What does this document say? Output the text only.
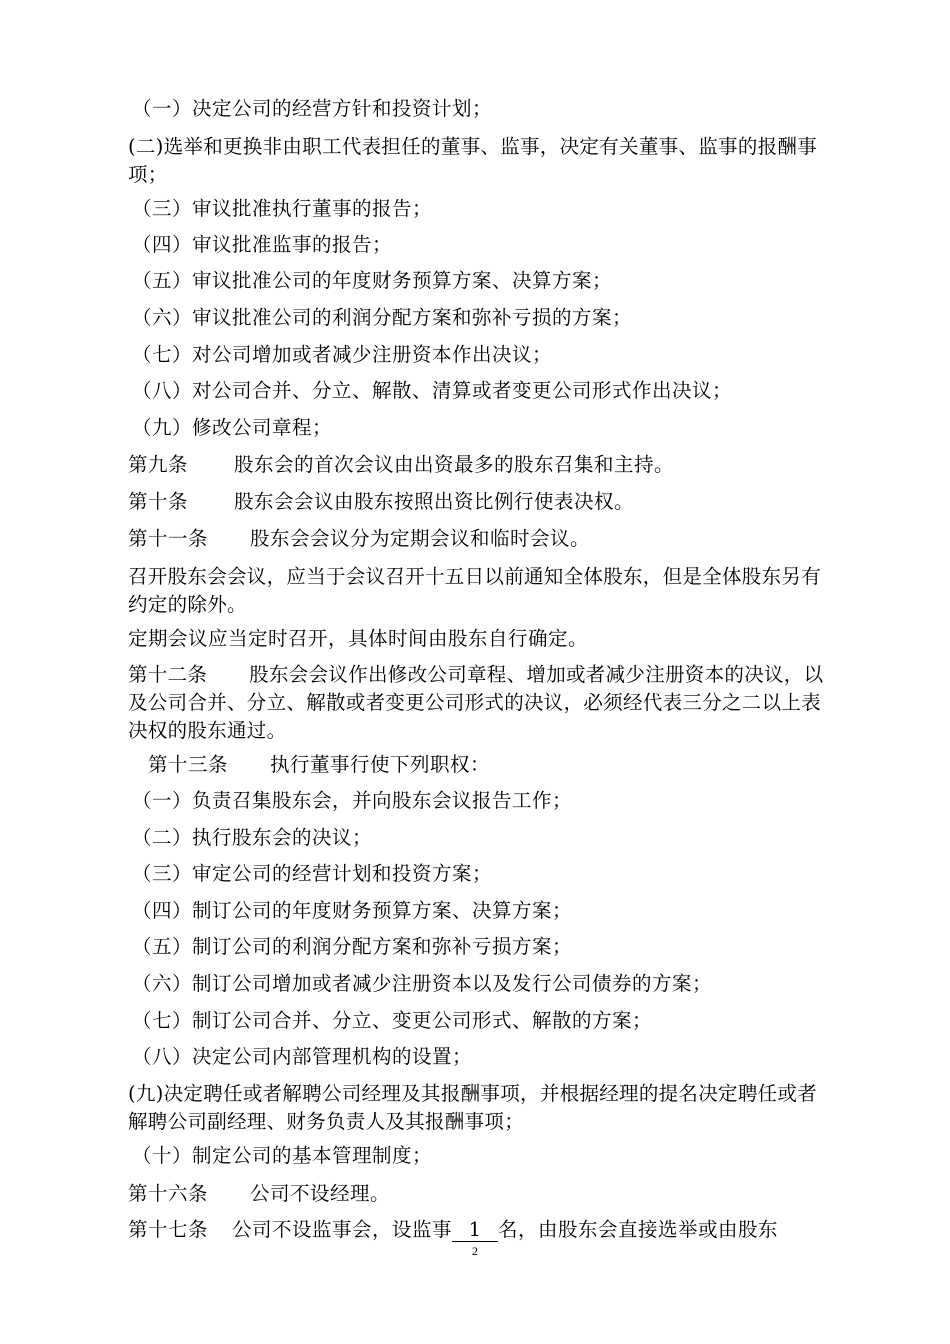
（一）决定公司的经营方针和投资计划；
(二)选举和更换非由职工代表担任的董事、监事，决定有关董事、监事的报酬事项；
（三）审议批准执行董事的报告；
（四）审议批准监事的报告；
（五）审议批准公司的年度财务预算方案、决算方案；
（六）审议批准公司的利润分配方案和弥补亏损的方案；
（七）对公司增加或者减少注册资本作出决议；
（八）对公司合并、分立、解散、清算或者变更公司形式作出决议；
（九）修改公司章程；
第九条 股东会的首次会议由出资最多的股东召集和主持。
第十条 股东会会议由股东按照出资比例行使表决权。
第十一条 股东会会议分为定期会议和临时会议。
召开股东会会议，应当于会议召开十五日以前通知全体股东，但是全体股东另有约定的除外。
定期会议应当定时召开，具体时间由股东自行确定。
第十二条 股东会会议作出修改公司章程、增加或者减少注册资本的决议，以及公司合并、分立、解散或者变更公司形式的决议，必须经代表三分之二以上表决权的股东通过。
第十三条 执行董事行使下列职权：
（一）负责召集股东会，并向股东会议报告工作；
（二）执行股东会的决议；
（三）审定公司的经营计划和投资方案；
（四）制订公司的年度财务预算方案、决算方案；
（五）制订公司的利润分配方案和弥补亏损方案；
（六）制订公司增加或者减少注册资本以及发行公司债券的方案；
（七）制订公司合并、分立、变更公司形式、解散的方案；
（八）决定公司内部管理机构的设置；
(九)决定聘任或者解聘公司经理及其报酬事项，并根据经理的提名决定聘任或者解聘公司副经理、财务负责人及其报酬事项；
（十）制定公司的基本管理制度；
第十六条 公司不设经理。
第十七条 公司不设监事会，设监事 1 名，由股东会直接选举或由股东
2
